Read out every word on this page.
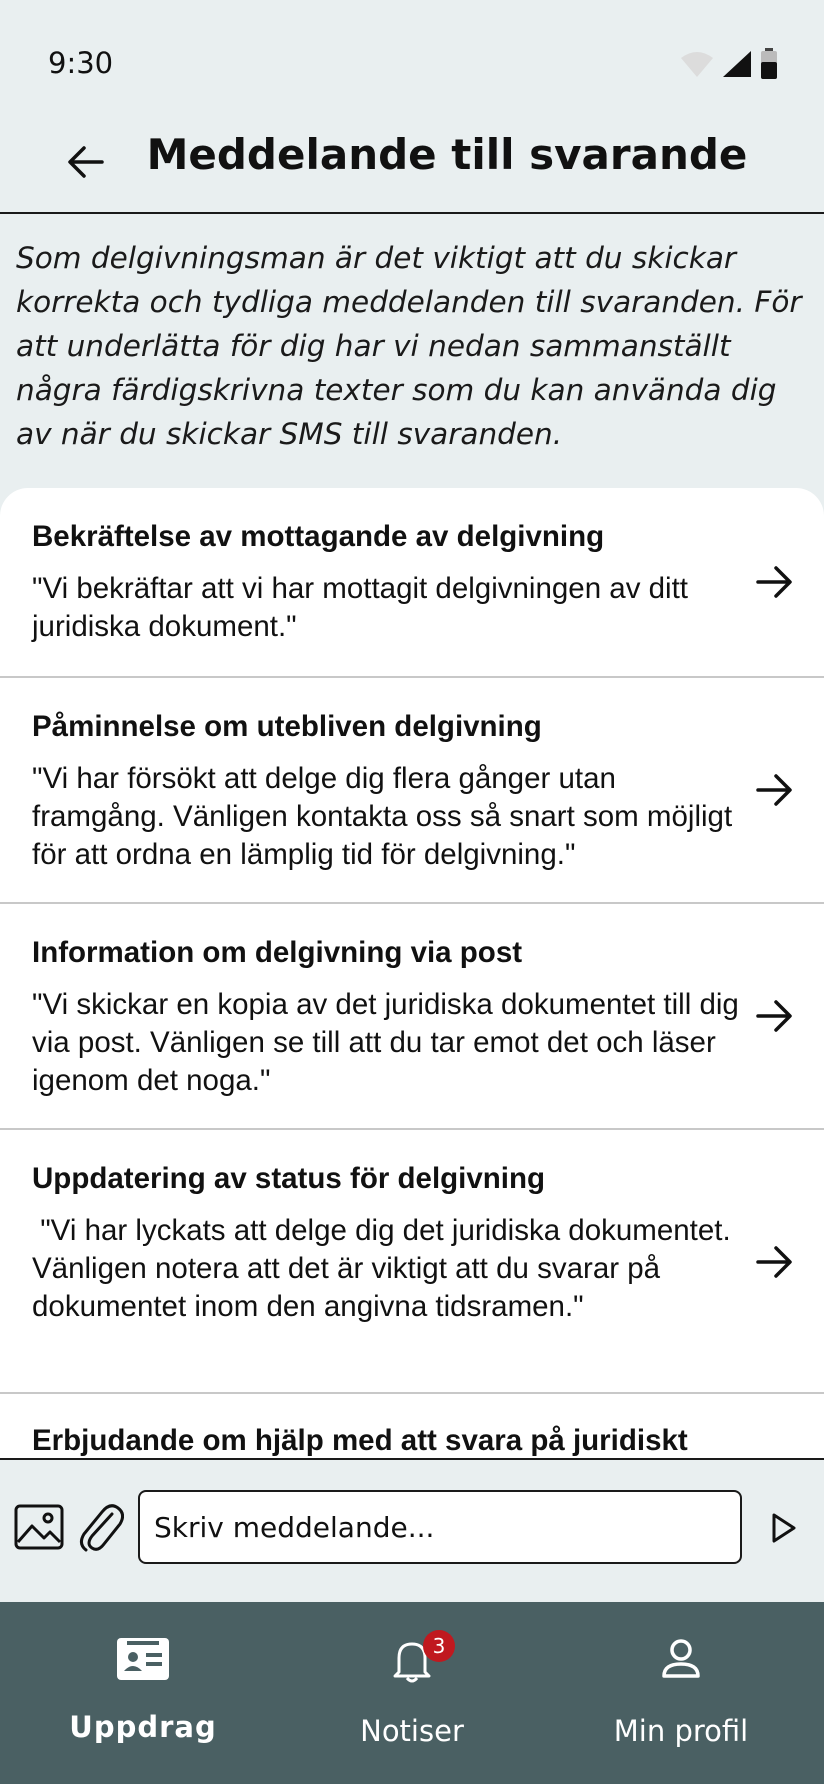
9:30
Meddelande till svarande
Som delgivningsman är det viktigt att du skickar korrekta och tydliga meddelanden till svaranden. För att underlätta för dig har vi nedan sammanställt några färdigskrivna texter som du kan använda dig av när du skickar SMS till svaranden.
Bekräftelse av mottagande av delgivning
"Vi bekräftar att vi har mottagit delgivningen av ditt juridiska dokument."
Påminnelse om utebliven delgivning
"Vi har försökt att delge dig flera gånger utan framgång. Vänligen kontakta oss så snart som möjligt för att ordna en lämplig tid för delgivning."
Information om delgivning via post
"Vi skickar en kopia av det juridiska dokumentet till dig via post. Vänligen se till att du tar emot det och läser igenom det noga."
Uppdatering av status för delgivning
"Vi har lyckats att delge dig det juridiska dokumentet. Vänligen notera att det är viktigt att du svarar på dokumentet inom den angivna tidsramen."
Erbjudande om hjälp med att svara på juridiskt
Skriv meddelande...
Uppdrag
3
Notiser	Min profil
